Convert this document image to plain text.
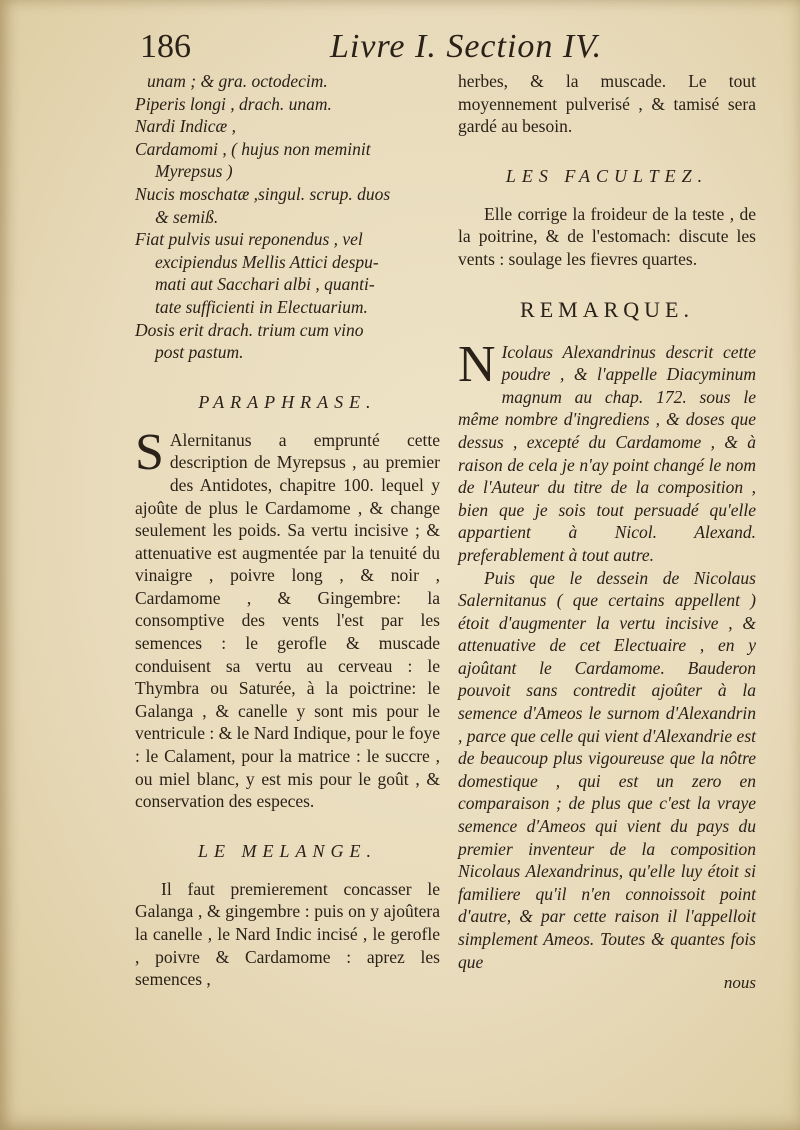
186	Livre I. Section IV.

unam ; & gra. octodecim.

Piperis longi , drach. unam.

Nardi Indicæ ,

Cardamomi , ( hujus non meminit

Myrepsus )

Nucis moschatæ ,singul. scrup. duos

& semiß.

Fiat pulvis usui reponendus , vel

excipiendus Mellis Attici despu-

mati aut Sacchari albi , quanti-

tate sufficienti in Electuarium.

Dosis erit drach. trium cum vino

post pastum.

PARAPHRASE.

S Alernitanus a emprunté cette description de Myrepsus , au premier des Antidotes, chapitre 100. lequel y ajoûte de plus le Cardamome , & change seulement les poids. Sa vertu incisive ; & attenuative est augmentée par la tenuité du vinaigre , poivre long , & noir , Cardamome , & Gingembre: la consomptive des vents l'est par les semences : le gerofle & muscade conduisent sa vertu au cerveau : le Thymbra ou Saturée, à la poictrine: le Galanga , & canelle y sont mis pour le ventricule : & le Nard Indique, pour le foye : le Calament, pour la matrice : le succre , ou miel blanc, y est mis pour le goût , & conservation des especes.

LE MELANGE.

Il faut premierement concasser le Galanga , & gingembre : puis on y ajoûtera la canelle , le Nard Indic incisé , le gerofle , poivre & Cardamome : aprez les semences ,

herbes, & la muscade. Le tout moyennement pulverisé , & tamisé sera gardé au besoin.

LES FACULTEZ.

Elle corrige la froideur de la teste , de la poitrine, & de l'estomach: discute les vents : soulage les fievres quartes.

REMARQUE.

N Icolaus Alexandrinus descrit cette poudre , & l'appelle Diacyminum magnum au chap. 172. sous le même nombre d'ingrediens , & doses que dessus , excepté du Cardamome , & à raison de cela je n'ay point changé le nom de l'Auteur du titre de la composition , bien que je sois tout persuadé qu'elle appartient à Nicol. Alexand. preferablement à tout autre.

Puis que le dessein de Nicolaus Salernitanus ( que certains appellent ) étoit d'augmenter la vertu incisive , & attenuative de cet Electuaire , en y ajoûtant le Cardamome. Bauderon pouvoit sans contredit ajoûter à la semence d'Ameos le surnom d'Alexandrin , parce que celle qui vient d'Alexandrie est de beaucoup plus vigoureuse que la nôtre domestique , qui est un zero en comparaison ; de plus que c'est la vraye semence d'Ameos qui vient du pays du premier inventeur de la composition Nicolaus Alexandrinus, qu'elle luy étoit si familiere qu'il n'en connoissoit point d'autre, & par cette raison il l'appelloit simplement Ameos. Toutes & quantes fois que

nous
